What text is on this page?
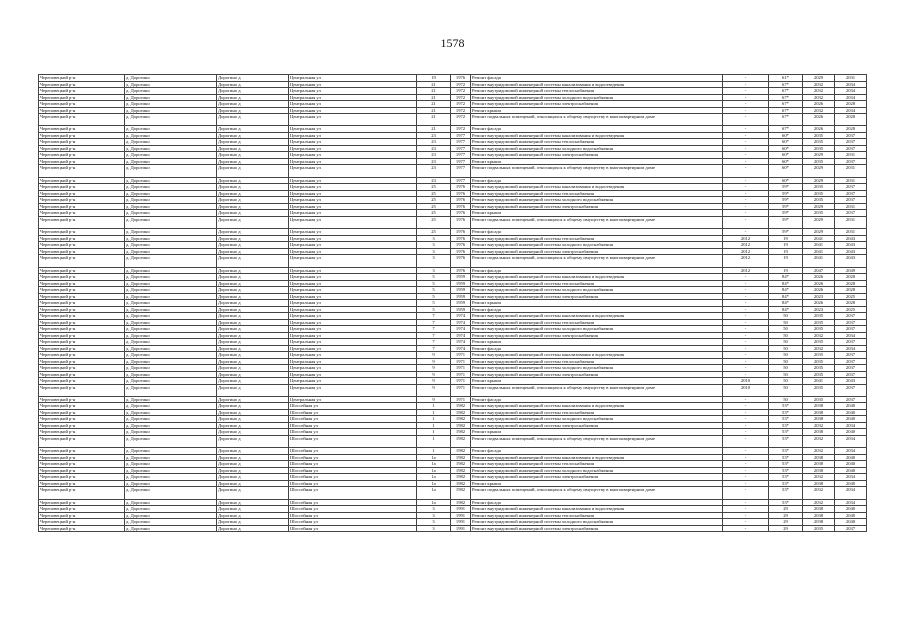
1578
Череповецкий р-н	д. Дорогино	Дорогино д	Центральная ул	19	1976	Ремонт фасада	-	61*	2029	2031
Череповецкий р-н	д. Дорогино	Дорогино д	Центральная ул	21	1972	Ремонт внутридомовой инженерной системы канализования и водоотведения	-	67*	2032	2034
Череповецкий р-н	д. Дорогино	Дорогино д	Центральная ул	21	1972	Ремонт внутридомовой инженерной системы теплоснабжения	-	67*	2032	2034
Череповецкий р-н	д. Дорогино	Дорогино д	Центральная ул	21	1972	Ремонт внутридомовой инженерной системы холодного водоснабжения	-	67*	2032	2034
Череповецкий р-н	д. Дорогино	Дорогино д	Центральная ул	21	1972	Ремонт внутридомовой инженерной системы электроснабжения	-	67*	2026	2028
Череповецкий р-н	д. Дорогино	Дорогино д	Центральная ул	21	1972	Ремонт крыши	-	67*	2032	2034
Череповецкий р-н	д. Дорогино	Дорогино д	Центральная ул	21	1972	Ремонт подвальных помещений, относящихся к общему имуществу в многоквартирном доме	-	67*	2026	2028
Череповецкий р-н	д. Дорогино	Дорогино д	Центральная ул	21	1972	Ремонт фасада	-	67*	2026	2028
Череповецкий р-н	д. Дорогино	Дорогино д	Центральная ул	23	1977	Ремонт внутридомовой инженерной системы канализования и водоотведения	-	60*	2035	2037
Череповецкий р-н	д. Дорогино	Дорогино д	Центральная ул	23	1977	Ремонт внутридомовой инженерной системы теплоснабжения	-	60*	2035	2037
Череповецкий р-н	д. Дорогино	Дорогино д	Центральная ул	23	1977	Ремонт внутридомовой инженерной системы холодного водоснабжения	-	60*	2035	2037
Череповецкий р-н	д. Дорогино	Дорогино д	Центральная ул	23	1977	Ремонт внутридомовой инженерной системы электроснабжения	-	60*	2029	2031
Череповецкий р-н	д. Дорогино	Дорогино д	Центральная ул	23	1977	Ремонт крыши	-	60*	2035	2037
Череповецкий р-н	д. Дорогино	Дорогино д	Центральная ул	23	1977	Ремонт подвальных помещений, относящихся к общему имуществу в многоквартирном доме	-	60*	2029	2031
Череповецкий р-н	д. Дорогино	Дорогино д	Центральная ул	23	1977	Ремонт фасада	-	60*	2029	2031
Череповецкий р-н	д. Дорогино	Дорогино д	Центральная ул	25	1976	Ремонт внутридомовой инженерной системы канализования и водоотведения	-	59*	2035	2037
Череповецкий р-н	д. Дорогино	Дорогино д	Центральная ул	25	1976	Ремонт внутридомовой инженерной системы теплоснабжения	-	59*	2035	2037
Череповецкий р-н	д. Дорогино	Дорогино д	Центральная ул	25	1976	Ремонт внутридомовой инженерной системы холодного водоснабжения	-	59*	2035	2037
Череповецкий р-н	д. Дорогино	Дорогино д	Центральная ул	25	1976	Ремонт внутридомовой инженерной системы электроснабжения	-	59*	2029	2031
Череповецкий р-н	д. Дорогино	Дорогино д	Центральная ул	25	1976	Ремонт крыши	-	59*	2035	2037
Череповецкий р-н	д. Дорогино	Дорогино д	Центральная ул	25	1976	Ремонт подвальных помещений, относящихся к общему имуществу в многоквартирном доме	-	59*	2029	2031
Череповецкий р-н	д. Дорогино	Дорогино д	Центральная ул	25	1976	Ремонт фасада	-	59*	2029	2031
Череповецкий р-н	д. Дорогино	Дорогино д	Центральная ул	3	1976	Ремонт внутридомовой инженерной системы теплоснабжения	2012	19	2041	2043
Череповецкий р-н	д. Дорогино	Дорогино д	Центральная ул	3	1976	Ремонт внутридомовой инженерной системы холодного водоснабжения	2012	19	2041	2043
Череповецкий р-н	д. Дорогино	Дорогино д	Центральная ул	3	1976	Ремонт внутридомовой инженерной системы электроснабжения	2012	19	2041	2043
Череповецкий р-н	д. Дорогино	Дорогино д	Центральная ул	3	1976	Ремонт подвальных помещений, относящихся к общему имуществу в многоквартирном доме	2012	19	2041	2043
Череповецкий р-н	д. Дорогино	Дорогино д	Центральная ул	3	1976	Ремонт фасада	2012	19	2047	2049
Череповецкий р-н	д. Дорогино	Дорогино д	Центральная ул	5	1959	Ремонт внутридомовой инженерной системы канализования и водоотведения	-	84*	2026	2028
Череповецкий р-н	д. Дорогино	Дорогино д	Центральная ул	5	1959	Ремонт внутридомовой инженерной системы теплоснабжения	-	84*	2026	2028
Череповецкий р-н	д. Дорогино	Дорогино д	Центральная ул	5	1959	Ремонт внутридомовой инженерной системы холодного водоснабжения	-	84*	2026	2028
Череповецкий р-н	д. Дорогино	Дорогино д	Центральная ул	5	1959	Ремонт внутридомовой инженерной системы электроснабжения	-	84*	2023	2025
Череповецкий р-н	д. Дорогино	Дорогино д	Центральная ул	5	1959	Ремонт крыши	-	84*	2026	2028
Череповецкий р-н	д. Дорогино	Дорогино д	Центральная ул	5	1959	Ремонт фасада	-	84*	2023	2025
Череповецкий р-н	д. Дорогино	Дорогино д	Центральная ул	7	1974	Ремонт внутридомовой инженерной системы канализования и водоотведения	-	50	2035	2037
Череповецкий р-н	д. Дорогино	Дорогино д	Центральная ул	7	1974	Ремонт внутридомовой инженерной системы теплоснабжения	-	50	2035	2037
Череповецкий р-н	д. Дорогино	Дорогино д	Центральная ул	7	1974	Ремонт внутридомовой инженерной системы холодного водоснабжения	-	50	2035	2037
Череповецкий р-н	д. Дорогино	Дорогино д	Центральная ул	7	1974	Ремонт внутридомовой инженерной системы электроснабжения	-	50	2032	2034
Череповецкий р-н	д. Дорогино	Дорогино д	Центральная ул	7	1974	Ремонт крыши	-	50	2035	2037
Череповецкий р-н	д. Дорогино	Дорогино д	Центральная ул	7	1974	Ремонт фасада	-	50	2032	2034
Череповецкий р-н	д. Дорогино	Дорогино д	Центральная ул	9	1971	Ремонт внутридомовой инженерной системы канализования и водоотведения	-	50	2035	2037
Череповецкий р-н	д. Дорогино	Дорогино д	Центральная ул	9	1971	Ремонт внутридомовой инженерной системы теплоснабжения	-	50	2035	2037
Череповецкий р-н	д. Дорогино	Дорогино д	Центральная ул	9	1971	Ремонт внутридомовой инженерной системы холодного водоснабжения	-	50	2035	2037
Череповецкий р-н	д. Дорогино	Дорогино д	Центральная ул	9	1971	Ремонт внутридомовой инженерной системы электроснабжения	-	50	2035	2037
Череповецкий р-н	д. Дорогино	Дорогино д	Центральная ул	9	1971	Ремонт крыши	2010	50	2041	2043
Череповецкий р-н	д. Дорогино	Дорогино д	Центральная ул	9	1971	Ремонт подвальных помещений, относящихся к общему имуществу в многоквартирном доме	2010	50	2035	2037
Череповецкий р-н	д. Дорогино	Дорогино д	Центральная ул	9	1971	Ремонт фасада	-	50	2035	2037
Череповецкий р-н	д. Дорогино	Дорогино д	Шоссейная ул	1	1982	Ремонт внутридомовой инженерной системы канализования и водоотведения	-	53*	2038	2040
Череповецкий р-н	д. Дорогино	Дорогино д	Шоссейная ул	1	1982	Ремонт внутридомовой инженерной системы теплоснабжения	-	53*	2038	2040
Череповецкий р-н	д. Дорогино	Дорогино д	Шоссейная ул	1	1982	Ремонт внутридомовой инженерной системы холодного водоснабжения	-	53*	2038	2040
Череповецкий р-н	д. Дорогино	Дорогино д	Шоссейная ул	1	1982	Ремонт внутридомовой инженерной системы электроснабжения	-	53*	2032	2034
Череповецкий р-н	д. Дорогино	Дорогино д	Шоссейная ул	1	1982	Ремонт крыши	-	53*	2038	2040
Череповецкий р-н	д. Дорогино	Дорогино д	Шоссейная ул	1	1982	Ремонт подвальных помещений, относящихся к общему имуществу в многоквартирном доме	-	53*	2032	2034
Череповецкий р-н	д. Дорогино	Дорогино д	Шоссейная ул	1	1982	Ремонт фасада	-	53*	2032	2034
Череповецкий р-н	д. Дорогино	Дорогино д	Шоссейная ул	1а	1982	Ремонт внутридомовой инженерной системы канализования и водоотведения	-	53*	2038	2040
Череповецкий р-н	д. Дорогино	Дорогино д	Шоссейная ул	1а	1982	Ремонт внутридомовой инженерной системы теплоснабжения	-	53*	2038	2040
Череповецкий р-н	д. Дорогино	Дорогино д	Шоссейная ул	1а	1982	Ремонт внутридомовой инженерной системы холодного водоснабжения	-	53*	2038	2040
Череповецкий р-н	д. Дорогино	Дорогино д	Шоссейная ул	1а	1982	Ремонт внутридомовой инженерной системы электроснабжения	-	53*	2032	2034
Череповецкий р-н	д. Дорогино	Дорогино д	Шоссейная ул	1а	1982	Ремонт крыши	-	53*	2038	2040
Череповецкий р-н	д. Дорогино	Дорогино д	Шоссейная ул	1а	1982	Ремонт подвальных помещений, относящихся к общему имуществу в многоквартирном доме	-	53*	2032	2034
Череповецкий р-н	д. Дорогино	Дорогино д	Шоссейная ул	1а	1982	Ремонт фасада	-	53*	2032	2034
Череповецкий р-н	д. Дорогино	Дорогино д	Шоссейная ул	3	1991	Ремонт внутридомовой инженерной системы канализования и водоотведения	-	29	2038	2040
Череповецкий р-н	д. Дорогино	Дорогино д	Шоссейная ул	3	1991	Ремонт внутридомовой инженерной системы теплоснабжения	-	29	2038	2040
Череповецкий р-н	д. Дорогино	Дорогино д	Шоссейная ул	3	1991	Ремонт внутридомовой инженерной системы холодного водоснабжения	-	29	2038	2040
Череповецкий р-н	д. Дорогино	Дорогино д	Шоссейная ул	3	1991	Ремонт внутридомовой инженерной системы электроснабжения	-	29	2035	2037
